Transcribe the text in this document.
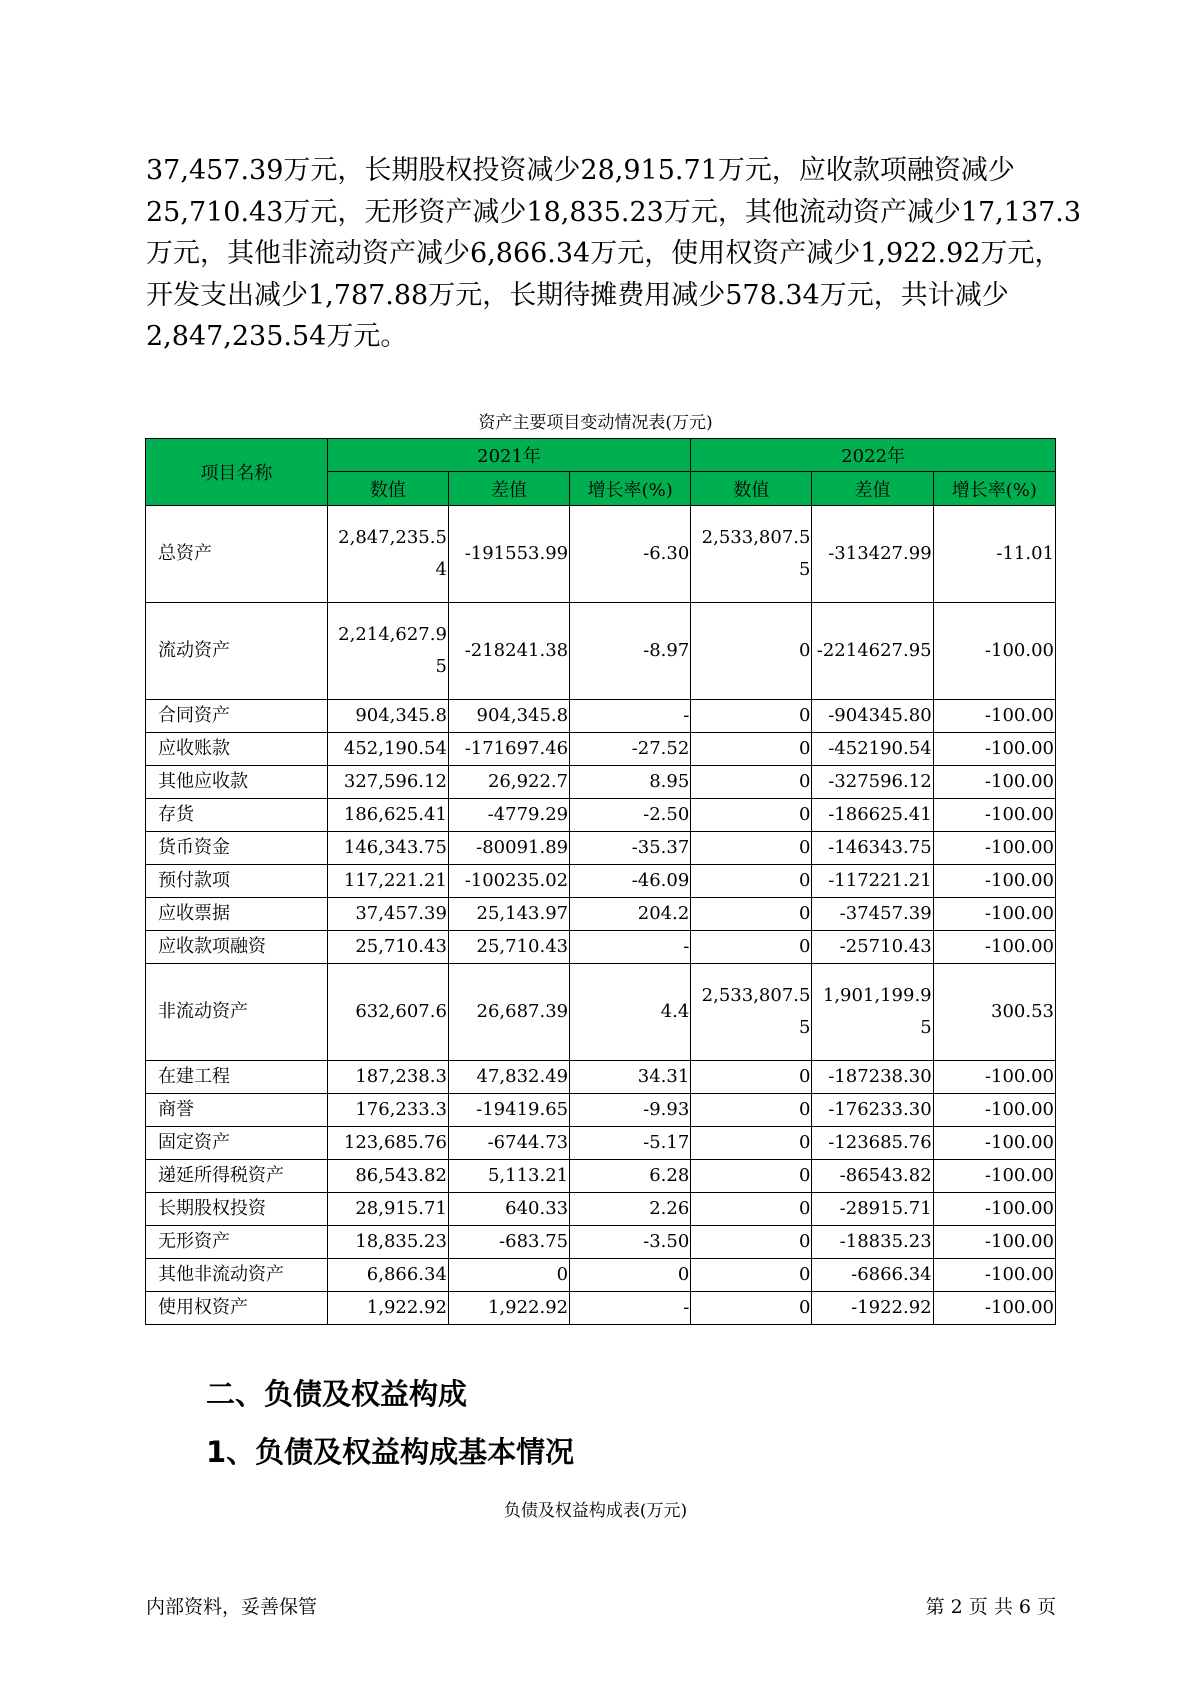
37,457.39万元，长期股权投资减少28,915.71万元，应收款项融资减少
25,710.43万元，无形资产减少18,835.23万元，其他流动资产减少17,137.3
万元，其他非流动资产减少6,866.34万元，使用权资产减少1,922.92万元，
开发支出减少1,787.88万元，长期待摊费用减少578.34万元，共计减少
2,847,235.54万元。
资产主要项目变动情况表(万元)
项目名称	2021年			2022年		
	数值	差值	增长率(%)	数值	差值	增长率(%)
总资产	2,847,235.54	-191553.99	-6.30	2,533,807.55	-313427.99	-11.01
流动资产	2,214,627.95	-218241.38	-8.97	0	-2214627.95	-100.00
合同资产	904,345.8	904,345.8	-	0	-904345.80	-100.00
应收账款	452,190.54	-171697.46	-27.52	0	-452190.54	-100.00
其他应收款	327,596.12	26,922.7	8.95	0	-327596.12	-100.00
存货	186,625.41	-4779.29	-2.50	0	-186625.41	-100.00
货币资金	146,343.75	-80091.89	-35.37	0	-146343.75	-100.00
预付款项	117,221.21	-100235.02	-46.09	0	-117221.21	-100.00
应收票据	37,457.39	25,143.97	204.2	0	-37457.39	-100.00
应收款项融资	25,710.43	25,710.43	-	0	-25710.43	-100.00
非流动资产	632,607.6	26,687.39	4.4	2,533,807.55	1,901,199.95	300.53
在建工程	187,238.3	47,832.49	34.31	0	-187238.30	-100.00
商誉	176,233.3	-19419.65	-9.93	0	-176233.30	-100.00
固定资产	123,685.76	-6744.73	-5.17	0	-123685.76	-100.00
递延所得税资产	86,543.82	5,113.21	6.28	0	-86543.82	-100.00
长期股权投资	28,915.71	640.33	2.26	0	-28915.71	-100.00
无形资产	18,835.23	-683.75	-3.50	0	-18835.23	-100.00
其他非流动资产	6,866.34	0	0	0	-6866.34	-100.00
使用权资产	1,922.92	1,922.92	-	0	-1922.92	-100.00
二、负债及权益构成
1、负债及权益构成基本情况
负债及权益构成表(万元)
内部资料，妥善保管	第 2 页 共 6 页
